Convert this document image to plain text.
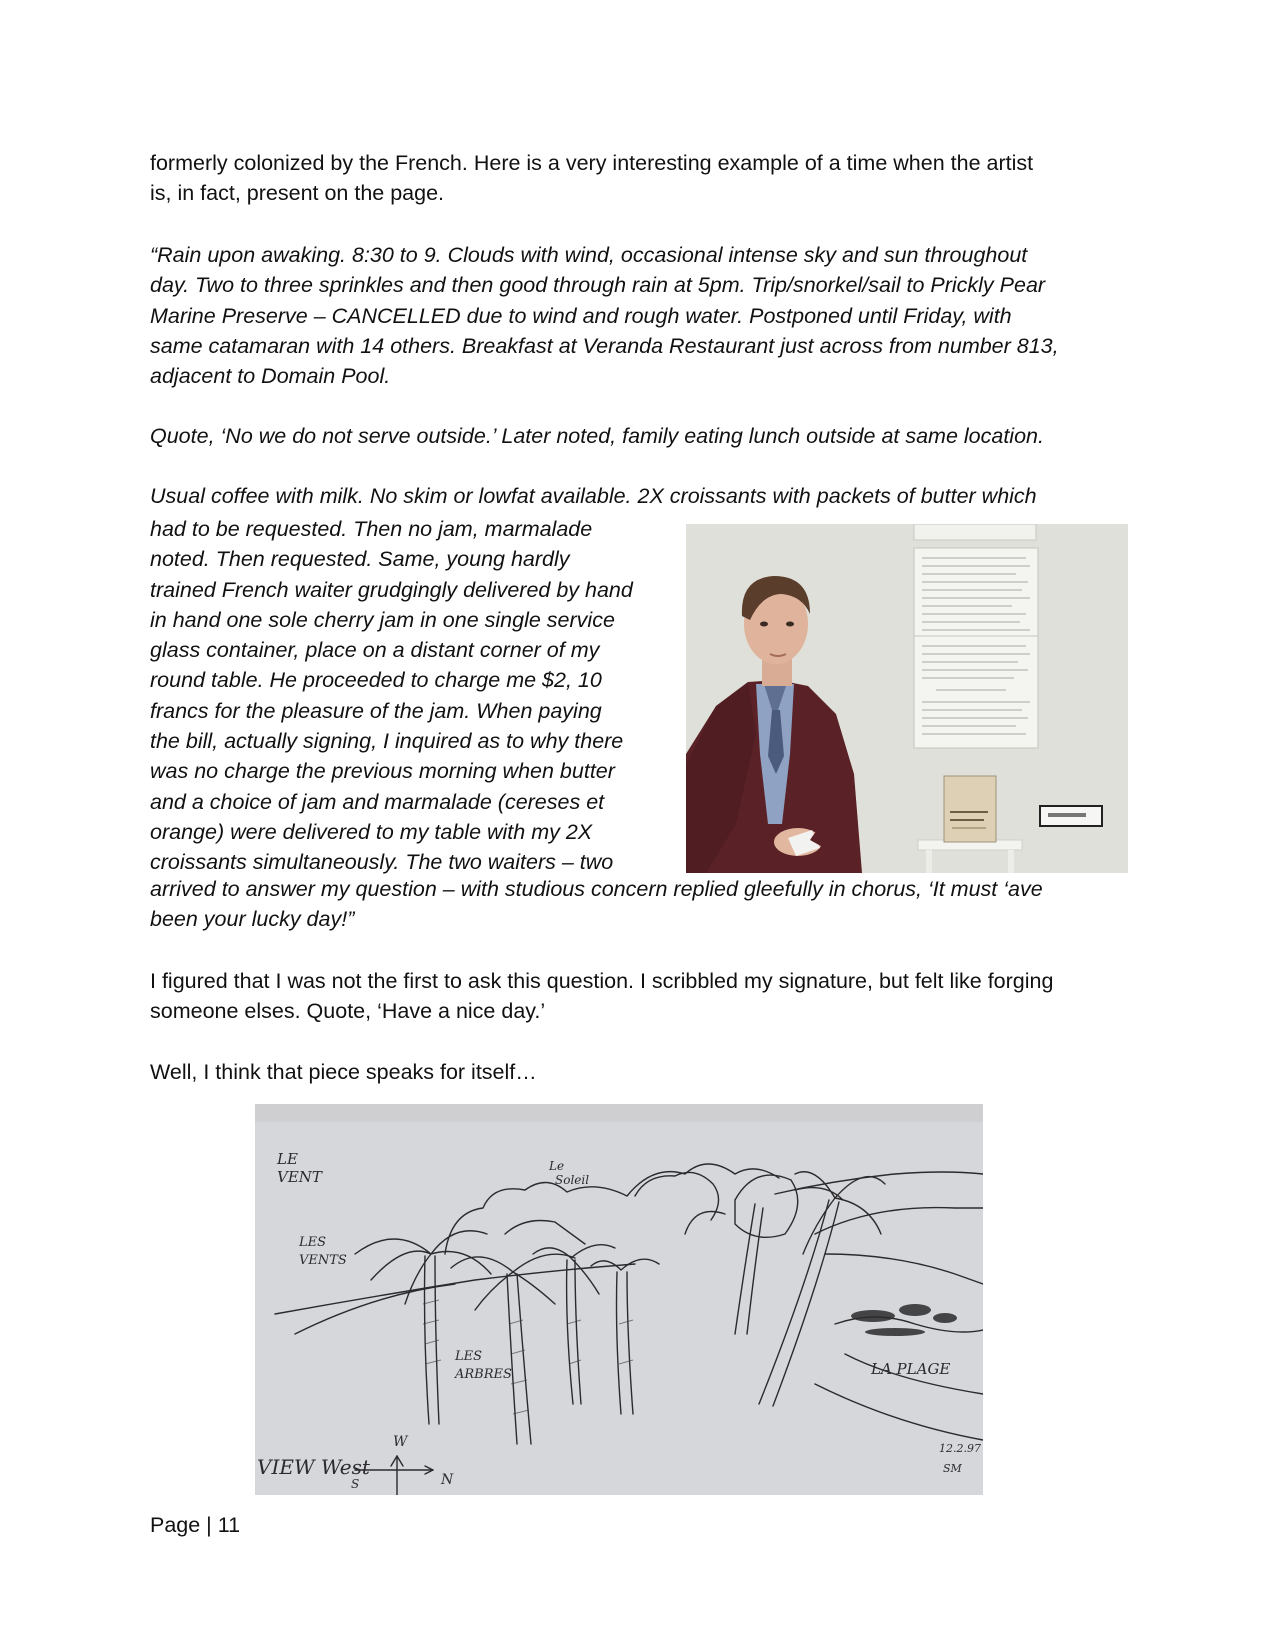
formerly colonized by the French. Here is a very interesting example of a time when the artist
is, in fact, present on the page.

“Rain upon awaking. 8:30 to 9. Clouds with wind, occasional intense sky and sun throughout
day. Two to three sprinkles and then good through rain at 5pm. Trip/snorkel/sail to Prickly Pear
Marine Preserve – CANCELLED due to wind and rough water. Postponed until Friday, with
same catamaran with 14 others. Breakfast at Veranda Restaurant just across from number 813,
adjacent to Domain Pool.

Quote, ‘No we do not serve outside.’ Later noted, family eating lunch outside at same location.

Usual coffee with milk. No skim or lowfat available. 2X croissants with packets of butter which

had to be requested. Then no jam, marmalade
noted. Then requested. Same, young hardly
trained French waiter grudgingly delivered by hand
in hand one sole cherry jam in one single service
glass container, place on a distant corner of my
round table. He proceeded to charge me $2, 10
francs for the pleasure of the jam. When paying
the bill, actually signing, I inquired as to why there
was no charge the previous morning when butter
and a choice of jam and marmalade (cereses et
orange) were delivered to my table with my 2X
croissants simultaneously. The two waiters – two

arrived to answer my question – with studious concern replied gleefully in chorus, ‘It must ‘ave
been your lucky day!”

I figured that I was not the first to ask this question. I scribbled my signature, but felt like forging
someone elses. Quote, ‘Have a nice day.’

Well, I think that piece speaks for itself…

LE
VENT
Le
Soleil
LES
VENTS
LES
ARBRES	LA PLAGE
VIEW West
W
S	N
12.2.97
SM
Page | 11
